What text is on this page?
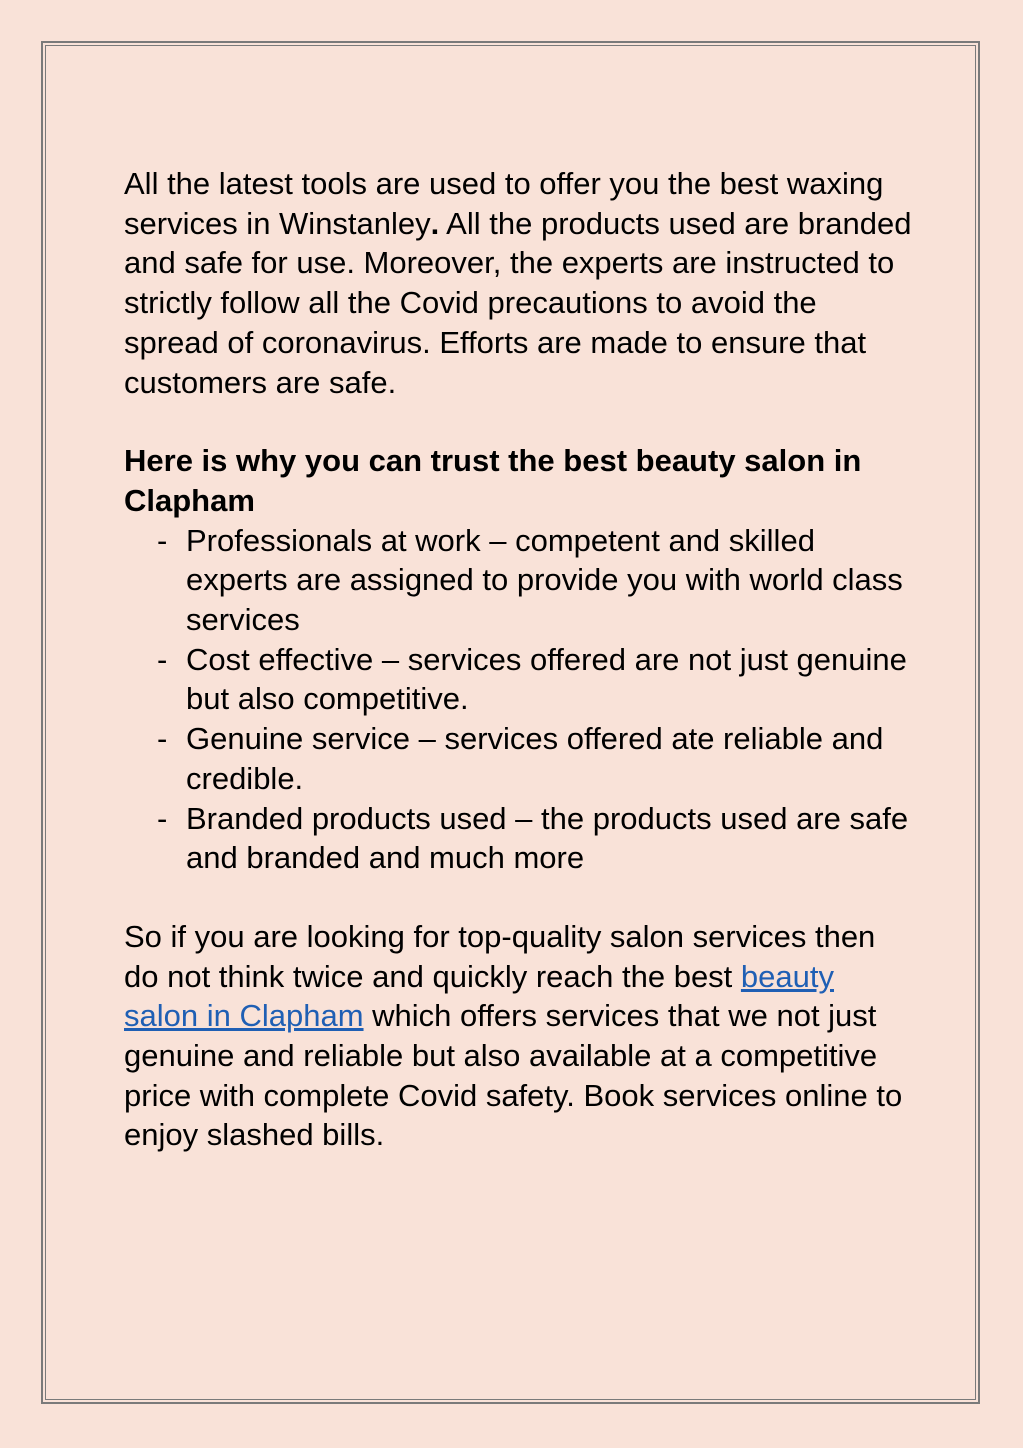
All the latest tools are used to offer you the best waxing services in Winstanley. All the products used are branded and safe for use. Moreover, the experts are instructed to strictly follow all the Covid precautions to avoid the spread of coronavirus. Efforts are made to ensure that customers are safe.

Here is why you can trust the best beauty salon in Clapham

- Professionals at work – competent and skilled experts are assigned to provide you with world class services
- Cost effective – services offered are not just genuine but also competitive.
- Genuine service – services offered ate reliable and credible.
- Branded products used – the products used are safe and branded and much more

So if you are looking for top-quality salon services then do not think twice and quickly reach the best beauty salon in Clapham which offers services that we not just genuine and reliable but also available at a competitive price with complete Covid safety. Book services online to enjoy slashed bills.
